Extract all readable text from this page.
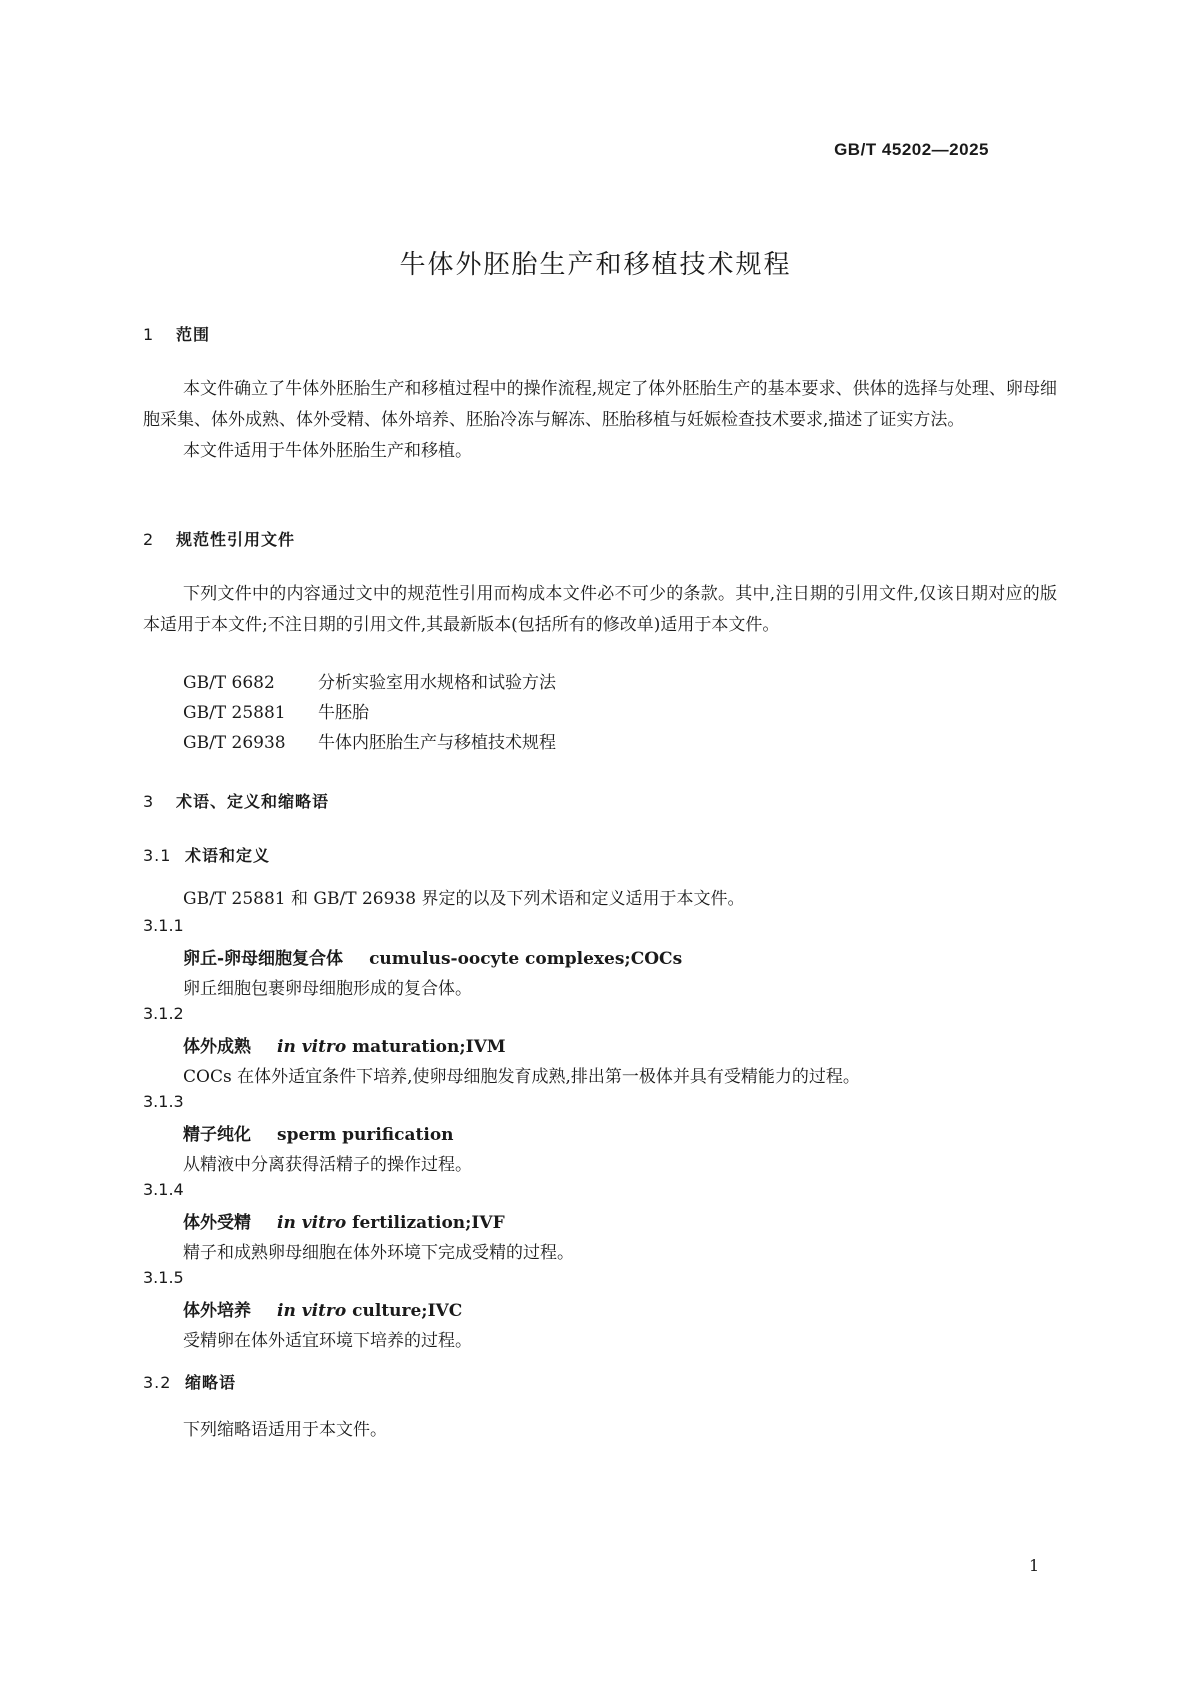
GB/T 45202—2025
牛体外胚胎生产和移植技术规程
1 范围

本文件确立了牛体外胚胎生产和移植过程中的操作流程,规定了体外胚胎生产的基本要求、供体的选择与处理、卵母细胞采集、体外成熟、体外受精、体外培养、胚胎冷冻与解冻、胚胎移植与妊娠检查技术要求,描述了证实方法。

本文件适用于牛体外胚胎生产和移植。

2 规范性引用文件

下列文件中的内容通过文中的规范性引用而构成本文件必不可少的条款。其中,注日期的引用文件,仅该日期对应的版本适用于本文件;不注日期的引用文件,其最新版本(包括所有的修改单)适用于本文件。

GB/T 6682	分析实验室用水规格和试验方法
GB/T 25881 牛胚胎
GB/T 26938 牛体内胚胎生产与移植技术规程
3 术语、定义和缩略语
3.1 术语和定义
GB/T 25881 和 GB/T 26938 界定的以及下列术语和定义适用于本文件。
3.1.1
卵丘-卵母细胞复合体 cumulus-oocyte complexes;COCs
卵丘细胞包裹卵母细胞形成的复合体。
3.1.2
体外成熟 in vitro maturation;IVM
COCs 在体外适宜条件下培养,使卵母细胞发育成熟,排出第一极体并具有受精能力的过程。
3.1.3
精子纯化 sperm purification
从精液中分离获得活精子的操作过程。
3.1.4
体外受精 in vitro fertilization;IVF
精子和成熟卵母细胞在体外环境下完成受精的过程。
3.1.5
体外培养 in vitro culture;IVC
受精卵在体外适宜环境下培养的过程。
3.2 缩略语
下列缩略语适用于本文件。
1
